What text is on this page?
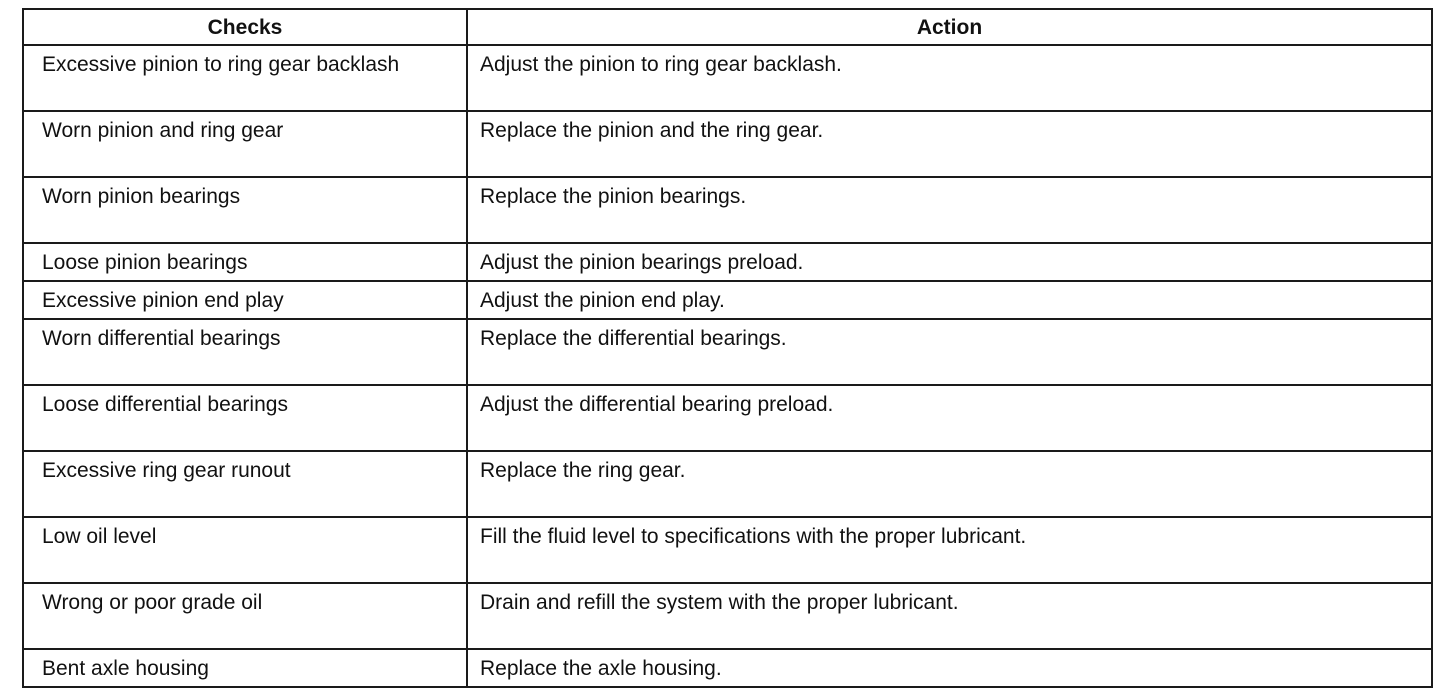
Checks	Action
Excessive pinion to ring gear backlash	Adjust the pinion to ring gear backlash.
Worn pinion and ring gear	Replace the pinion and the ring gear.
Worn pinion bearings	Replace the pinion bearings.
Loose pinion bearings	Adjust the pinion bearings preload.
Excessive pinion end play	Adjust the pinion end play.
Worn differential bearings	Replace the differential bearings.
Loose differential bearings	Adjust the differential bearing preload.
Excessive ring gear runout	Replace the ring gear.
Low oil level	Fill the fluid level to specifications with the proper lubricant.
Wrong or poor grade oil	Drain and refill the system with the proper lubricant.
Bent axle housing	Replace the axle housing.
